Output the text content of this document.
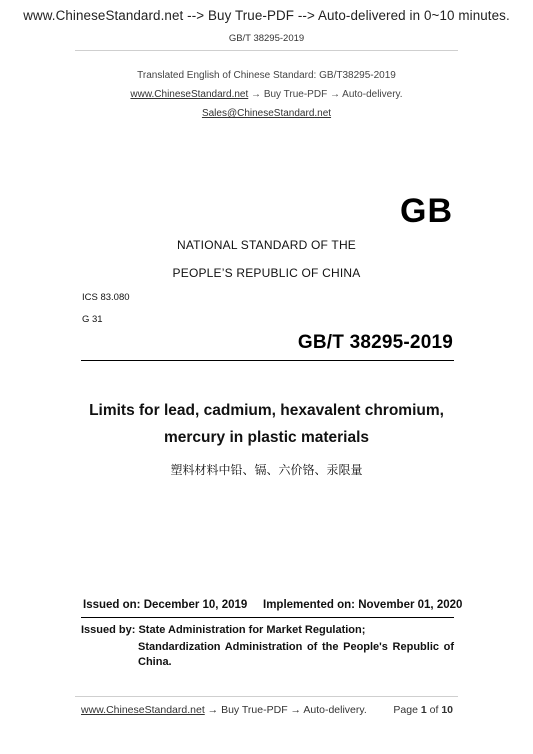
www.ChineseStandard.net --> Buy True-PDF --> Auto-delivered in 0~10 minutes.
GB/T 38295-2019
Translated English of Chinese Standard: GB/T38295-2019
www.ChineseStandard.net → Buy True-PDF → Auto-delivery.
Sales@ChineseStandard.net
GB
NATIONAL STANDARD OF THE
PEOPLE’S REPUBLIC OF CHINA
ICS 83.080
G 31
GB/T 38295-2019
Limits for lead, cadmium, hexavalent chromium,
mercury in plastic materials
塑料材料中铅、镉、六价铬、汞限量
Issued on: December 10, 2019 Implemented on: November 01, 2020
Issued by: State Administration for Market Regulation;
Standardization Administration of the People's Republic of
China.
www.ChineseStandard.net → Buy True-PDF → Auto-delivery.	Page 1 of 10
